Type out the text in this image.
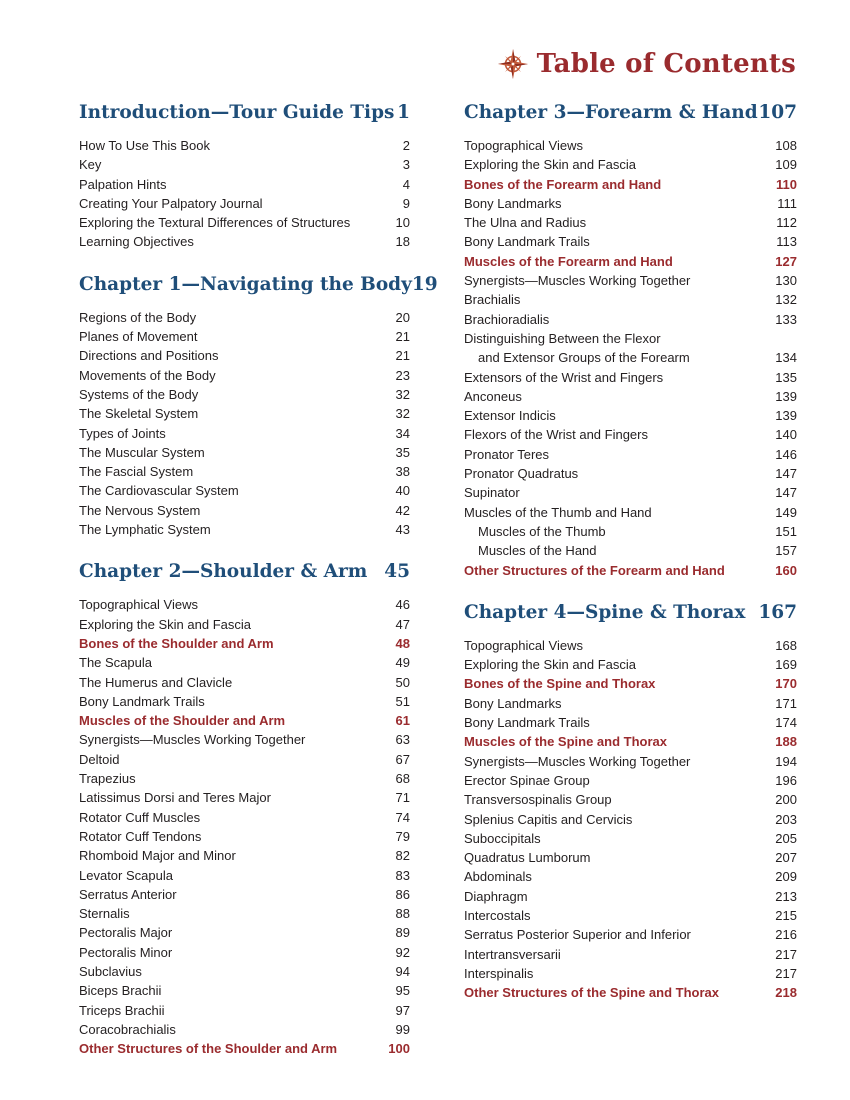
Table of Contents
Introduction—Tour Guide Tips 1
How To Use This Book	2
Key	3
Palpation Hints	4
Creating Your Palpatory Journal	9
Exploring the Textural Differences of Structures	10
Learning Objectives	18
Chapter 1—Navigating the Body 19
Regions of the Body	20
Planes of Movement	21
Directions and Positions	21
Movements of the Body	23
Systems of the Body	32
The Skeletal System	32
Types of Joints	34
The Muscular System	35
The Fascial System	38
The Cardiovascular System	40
The Nervous System	42
The Lymphatic System	43
Chapter 2—Shoulder & Arm 45
Topographical Views	46
Exploring the Skin and Fascia	47
Bones of the Shoulder and Arm	48
The Scapula	49
The Humerus and Clavicle	50
Bony Landmark Trails	51
Muscles of the Shoulder and Arm	61
Synergists—Muscles Working Together	63
Deltoid	67
Trapezius	68
Latissimus Dorsi and Teres Major	71
Rotator Cuff Muscles	74
Rotator Cuff Tendons	79
Rhomboid Major and Minor	82
Levator Scapula	83
Serratus Anterior	86
Sternalis	88
Pectoralis Major	89
Pectoralis Minor	92
Subclavius	94
Biceps Brachii	95
Triceps Brachii	97
Coracobrachialis	99
Other Structures of the Shoulder and Arm	100
Chapter 3—Forearm & Hand 107
Topographical Views	108
Exploring the Skin and Fascia	109
Bones of the Forearm and Hand	110
Bony Landmarks	111
The Ulna and Radius	112
Bony Landmark Trails	113
Muscles of the Forearm and Hand	127
Synergists—Muscles Working Together	130
Brachialis	132
Brachioradialis	133
Distinguishing Between the Flexor
and Extensor Groups of the Forearm	134
Extensors of the Wrist and Fingers	135
Anconeus	139
Extensor Indicis	139
Flexors of the Wrist and Fingers	140
Pronator Teres	146
Pronator Quadratus	147
Supinator	147
Muscles of the Thumb and Hand	149
Muscles of the Thumb	151
Muscles of the Hand	157
Other Structures of the Forearm and Hand	160
Chapter 4—Spine & Thorax 167
Topographical Views	168
Exploring the Skin and Fascia	169
Bones of the Spine and Thorax	170
Bony Landmarks	171
Bony Landmark Trails	174
Muscles of the Spine and Thorax	188
Synergists—Muscles Working Together	194
Erector Spinae Group	196
Transversospinalis Group	200
Splenius Capitis and Cervicis	203
Suboccipitals	205
Quadratus Lumborum	207
Abdominals	209
Diaphragm	213
Intercostals	215
Serratus Posterior Superior and Inferior	216
Intertransversarii	217
Interspinalis	217
Other Structures of the Spine and Thorax	218
